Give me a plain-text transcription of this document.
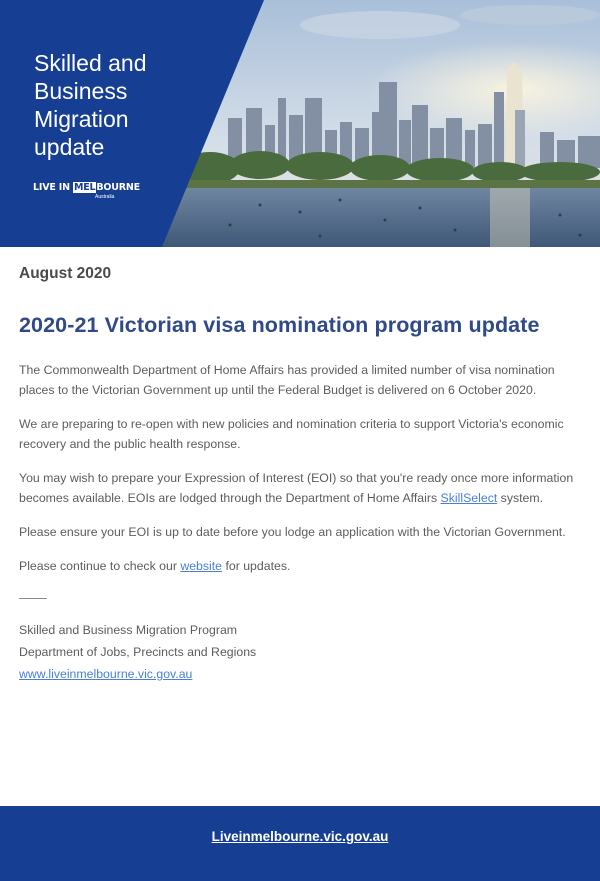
Skilled and
Business
Migration
update
LIVE IN MELBOURNE
Australia
August 2020
2020-21 Victorian visa nomination program update

The Commonwealth Department of Home Affairs has provided a limited number of visa nomination places to the Victorian Government up until the Federal Budget is delivered on 6 October 2020.

We are preparing to re-open with new policies and nomination criteria to support Victoria's economic recovery and the public health response.

You may wish to prepare your Expression of Interest (EOI) so that you're ready once more information becomes available. EOIs are lodged through the Department of Home Affairs SkillSelect system.

Please ensure your EOI is up to date before you lodge an application with the Victorian Government.

Please continue to check our website for updates.

Skilled and Business Migration Program
Department of Jobs, Precincts and Regions
www.liveinmelbourne.vic.gov.au
Liveinmelbourne.vic.gov.au
